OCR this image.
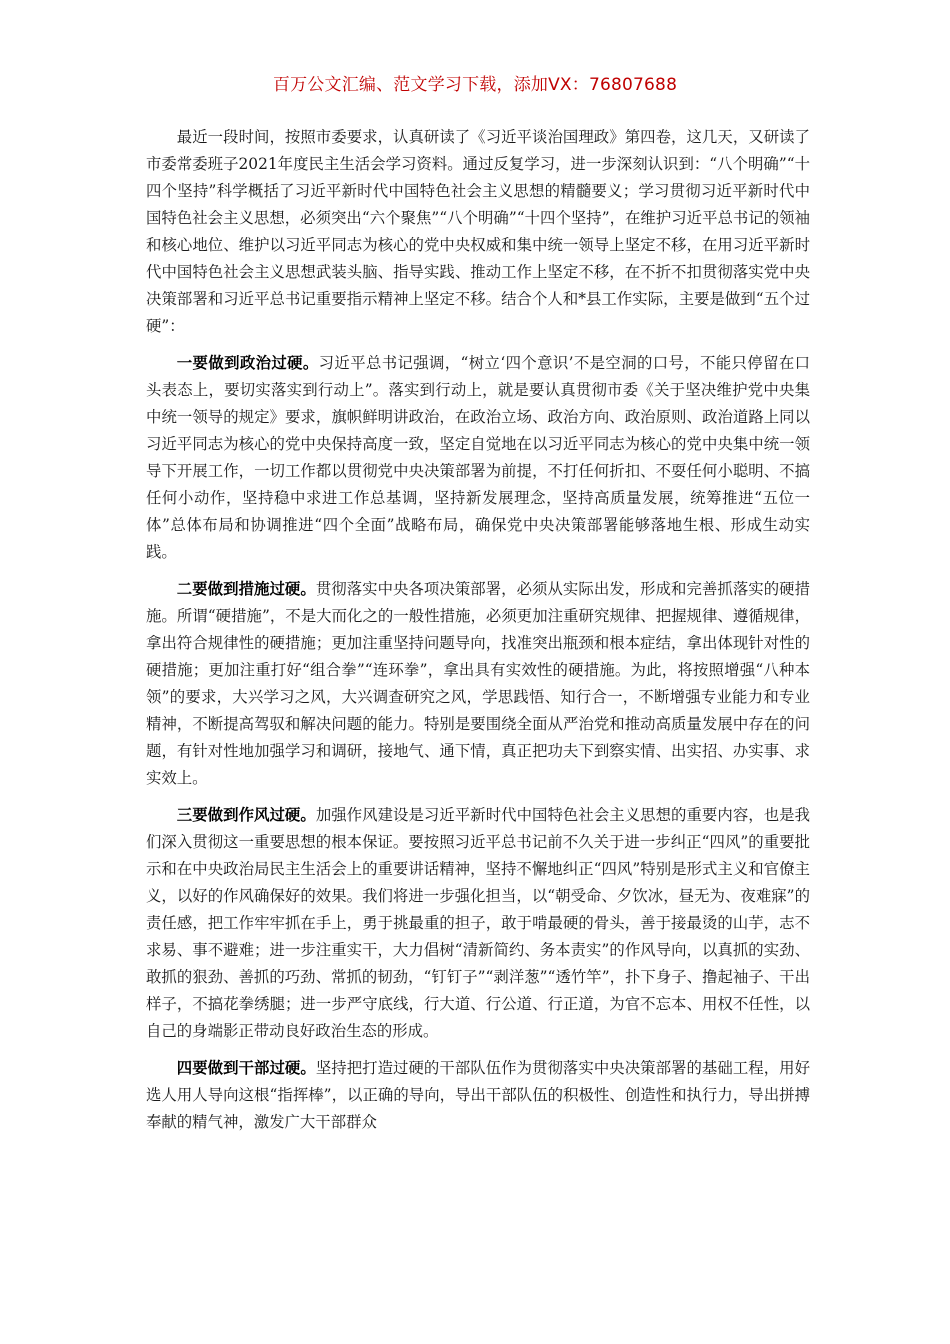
百万公文汇编、范文学习下载，添加VX：76807688

最近一段时间，按照市委要求，认真研读了《习近平谈治国理政》第四卷，这几天，又研读了市委常委班子2021年度民主生活会学习资料。通过反复学习，进一步深刻认识到：“八个明确”“十四个坚持”科学概括了习近平新时代中国特色社会主义思想的精髓要义；学习贯彻习近平新时代中国特色社会主义思想，必须突出“六个聚焦”“八个明确”“十四个坚持”，在维护习近平总书记的领袖和核心地位、维护以习近平同志为核心的党中央权威和集中统一领导上坚定不移，在用习近平新时代中国特色社会主义思想武装头脑、指导实践、推动工作上坚定不移，在不折不扣贯彻落实党中央决策部署和习近平总书记重要指示精神上坚定不移。结合个人和*县工作实际，主要是做到“五个过硬”：

一要做到政治过硬。习近平总书记强调，“树立‘四个意识’不是空洞的口号，不能只停留在口头表态上，要切实落实到行动上”。落实到行动上，就是要认真贯彻市委《关于坚决维护党中央集中统一领导的规定》要求，旗帜鲜明讲政治，在政治立场、政治方向、政治原则、政治道路上同以习近平同志为核心的党中央保持高度一致，坚定自觉地在以习近平同志为核心的党中央集中统一领导下开展工作，一切工作都以贯彻党中央决策部署为前提，不打任何折扣、不耍任何小聪明、不搞任何小动作，坚持稳中求进工作总基调，坚持新发展理念，坚持高质量发展，统筹推进“五位一体”总体布局和协调推进“四个全面”战略布局，确保党中央决策部署能够落地生根、形成生动实践。

二要做到措施过硬。贯彻落实中央各项决策部署，必须从实际出发，形成和完善抓落实的硬措施。所谓“硬措施”，不是大而化之的一般性措施，必须更加注重研究规律、把握规律、遵循规律，拿出符合规律性的硬措施；更加注重坚持问题导向，找准突出瓶颈和根本症结，拿出体现针对性的硬措施；更加注重打好“组合拳”“连环拳”，拿出具有实效性的硬措施。为此，将按照增强“八种本领”的要求，大兴学习之风，大兴调查研究之风，学思践悟、知行合一，不断增强专业能力和专业精神，不断提高驾驭和解决问题的能力。特别是要围绕全面从严治党和推动高质量发展中存在的问题，有针对性地加强学习和调研，接地气、通下情，真正把功夫下到察实情、出实招、办实事、求实效上。

三要做到作风过硬。加强作风建设是习近平新时代中国特色社会主义思想的重要内容，也是我们深入贯彻这一重要思想的根本保证。要按照习近平总书记前不久关于进一步纠正“四风”的重要批示和在中央政治局民主生活会上的重要讲话精神，坚持不懈地纠正“四风”特别是形式主义和官僚主义，以好的作风确保好的效果。我们将进一步强化担当，以“朝受命、夕饮冰，昼无为、夜难寐”的责任感，把工作牢牢抓在手上，勇于挑最重的担子，敢于啃最硬的骨头，善于接最烫的山芋，志不求易、事不避难；进一步注重实干，大力倡树“清新简约、务本责实”的作风导向，以真抓的实劲、敢抓的狠劲、善抓的巧劲、常抓的韧劲，“钉钉子”“剥洋葱”“透竹竿”，扑下身子、撸起袖子、干出样子，不搞花拳绣腿；进一步严守底线，行大道、行公道、行正道，为官不忘本、用权不任性，以自己的身端影正带动良好政治生态的形成。

四要做到干部过硬。坚持把打造过硬的干部队伍作为贯彻落实中央决策部署的基础工程，用好选人用人导向这根“指挥棒”，以正确的导向，导出干部队伍的积极性、创造性和执行力，导出拼搏奉献的精气神，激发广大干部群众
